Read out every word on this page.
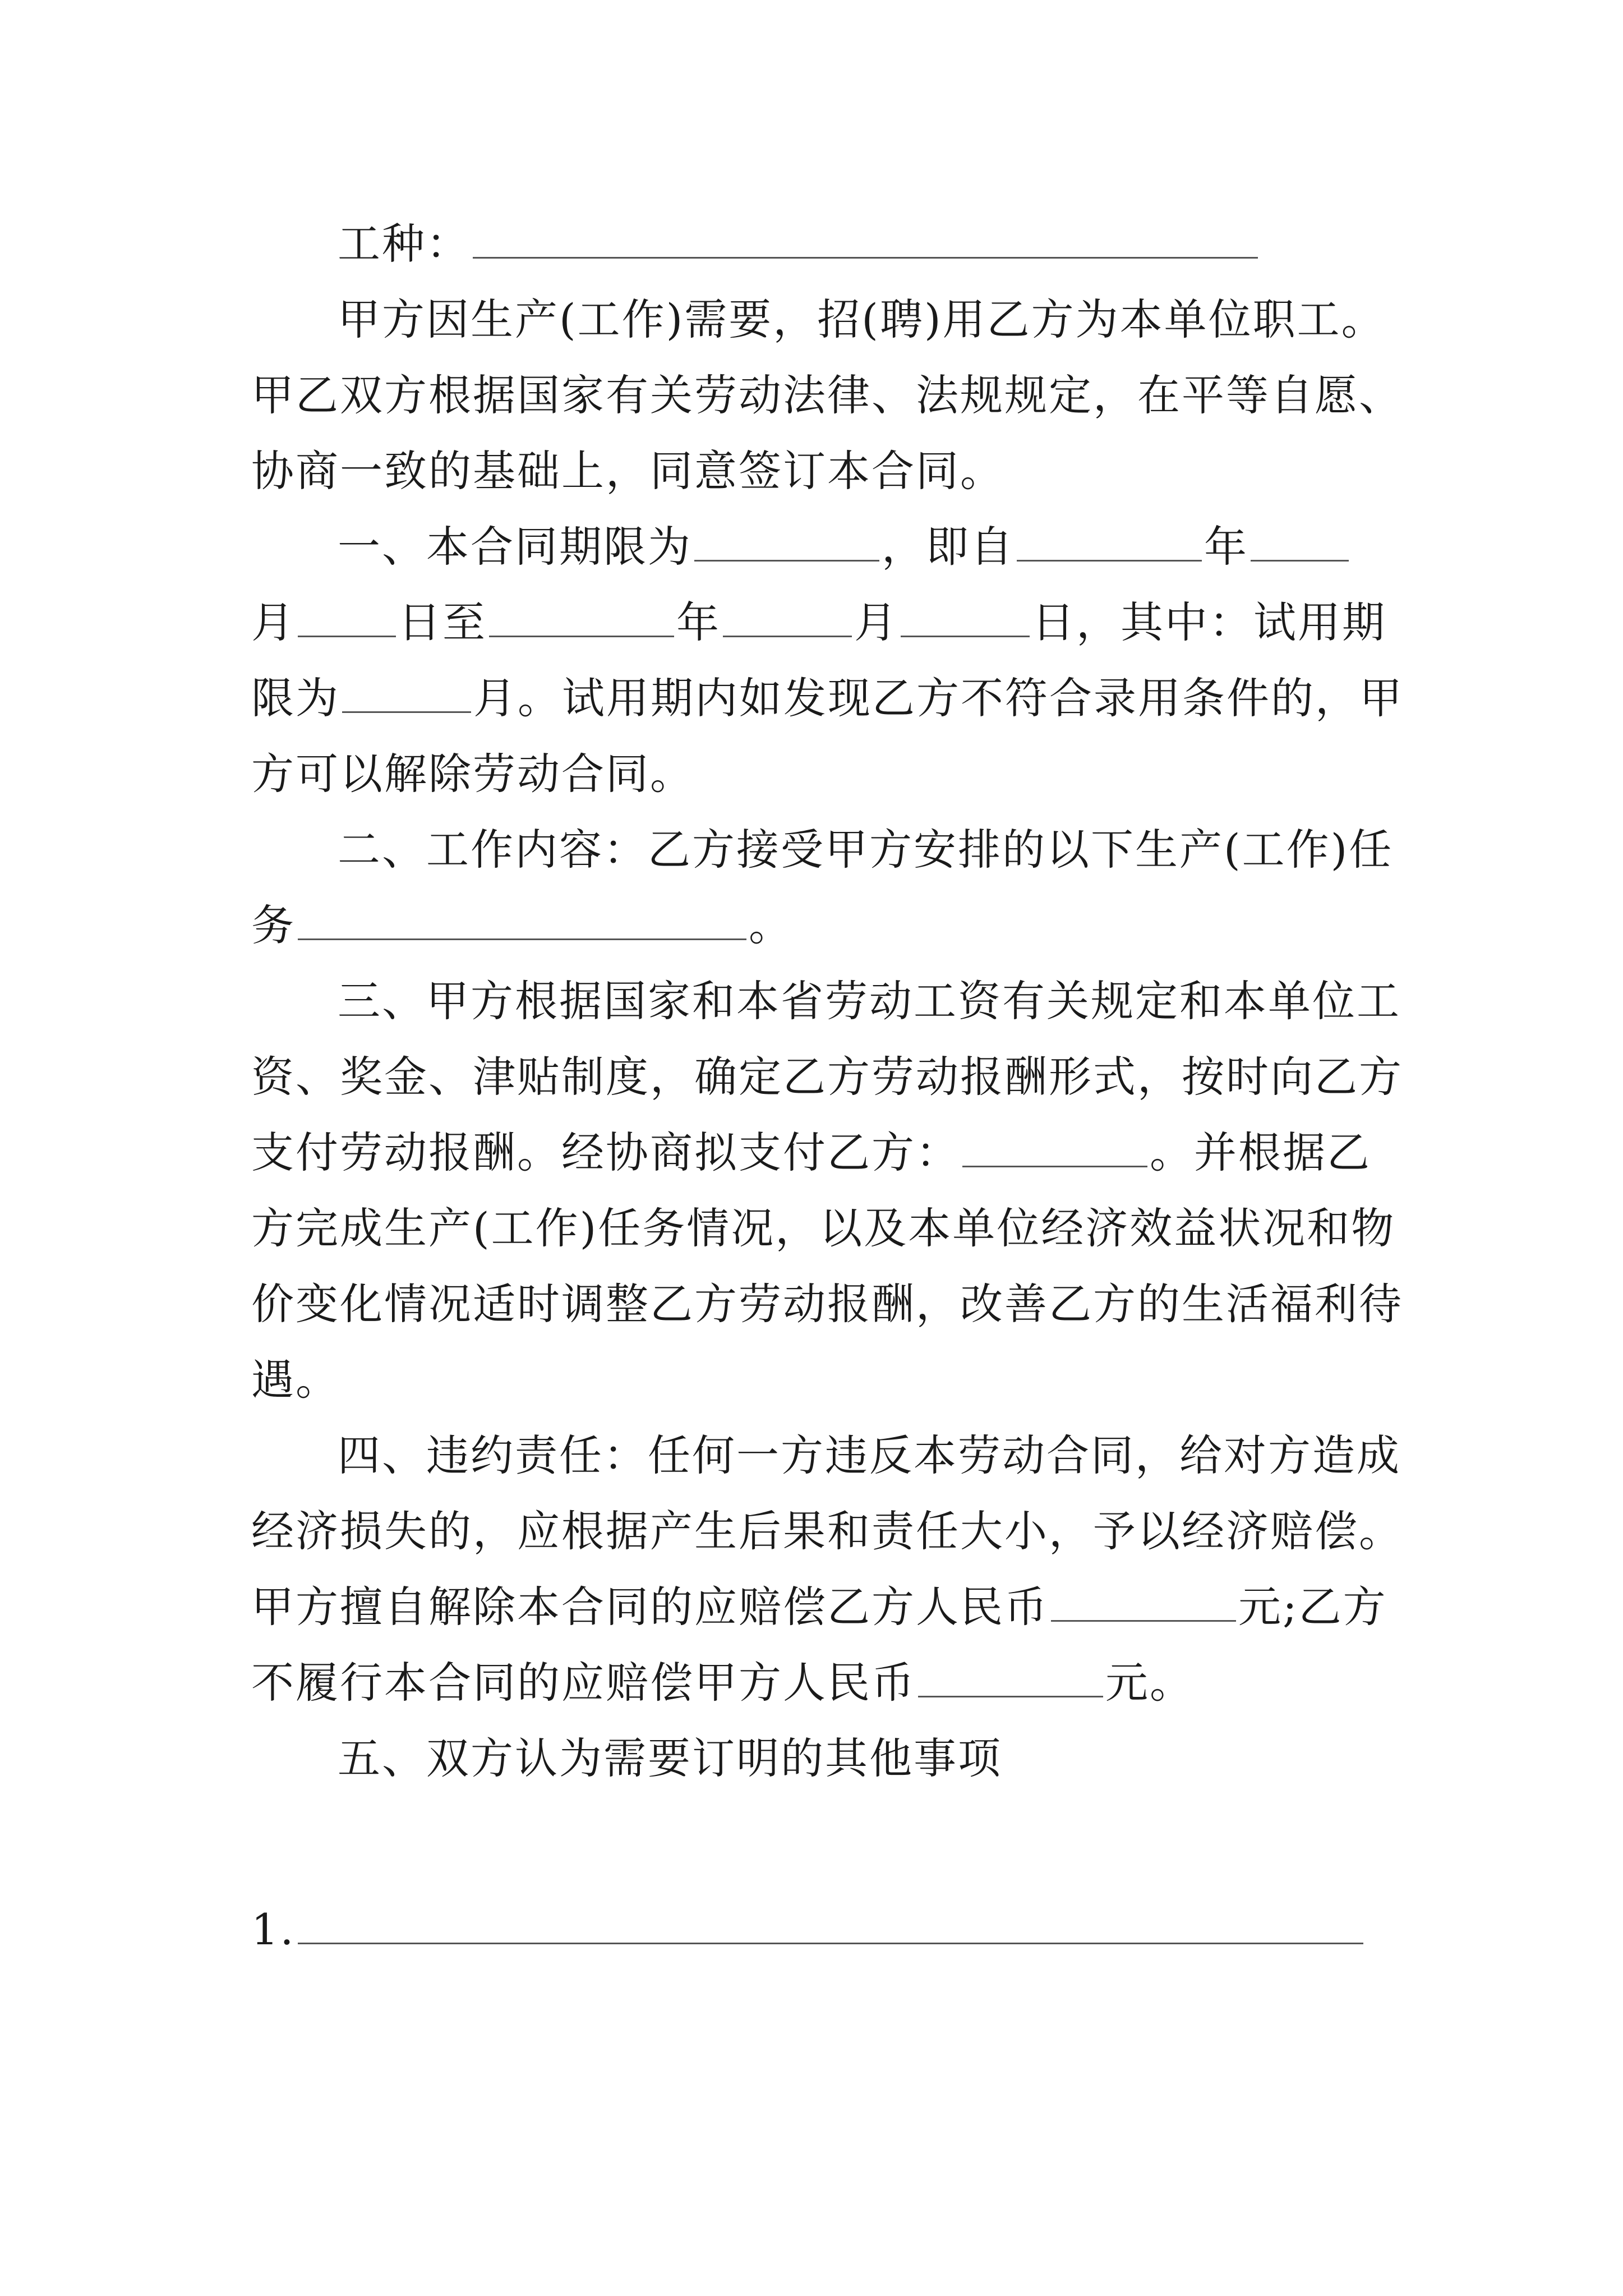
工种：
甲方因生产(工作)需要，招(聘)用乙方为本单位职工。
甲乙双方根据国家有关劳动法律、法规规定，在平等自愿、
协商一致的基础上，同意签订本合同。
一、本合同期限为	，即自	年
月 日至	年	月	日，其中：试用期
限为	月。试用期内如发现乙方不符合录用条件的，甲
方可以解除劳动合同。
二、工作内容：乙方接受甲方安排的以下生产(工作)任
务	。
三、甲方根据国家和本省劳动工资有关规定和本单位工
资、奖金、津贴制度，确定乙方劳动报酬形式，按时向乙方
支付劳动报酬。经协商拟支付乙方：	。并根据乙
方完成生产(工作)任务情况，以及本单位经济效益状况和物
价变化情况适时调整乙方劳动报酬，改善乙方的生活福利待
遇。
四、违约责任：任何一方违反本劳动合同，给对方造成
经济损失的，应根据产生后果和责任大小，予以经济赔偿。
甲方擅自解除本合同的应赔偿乙方人民币	元;乙方
不履行本合同的应赔偿甲方人民币	元。
五、双方认为需要订明的其他事项
1.
